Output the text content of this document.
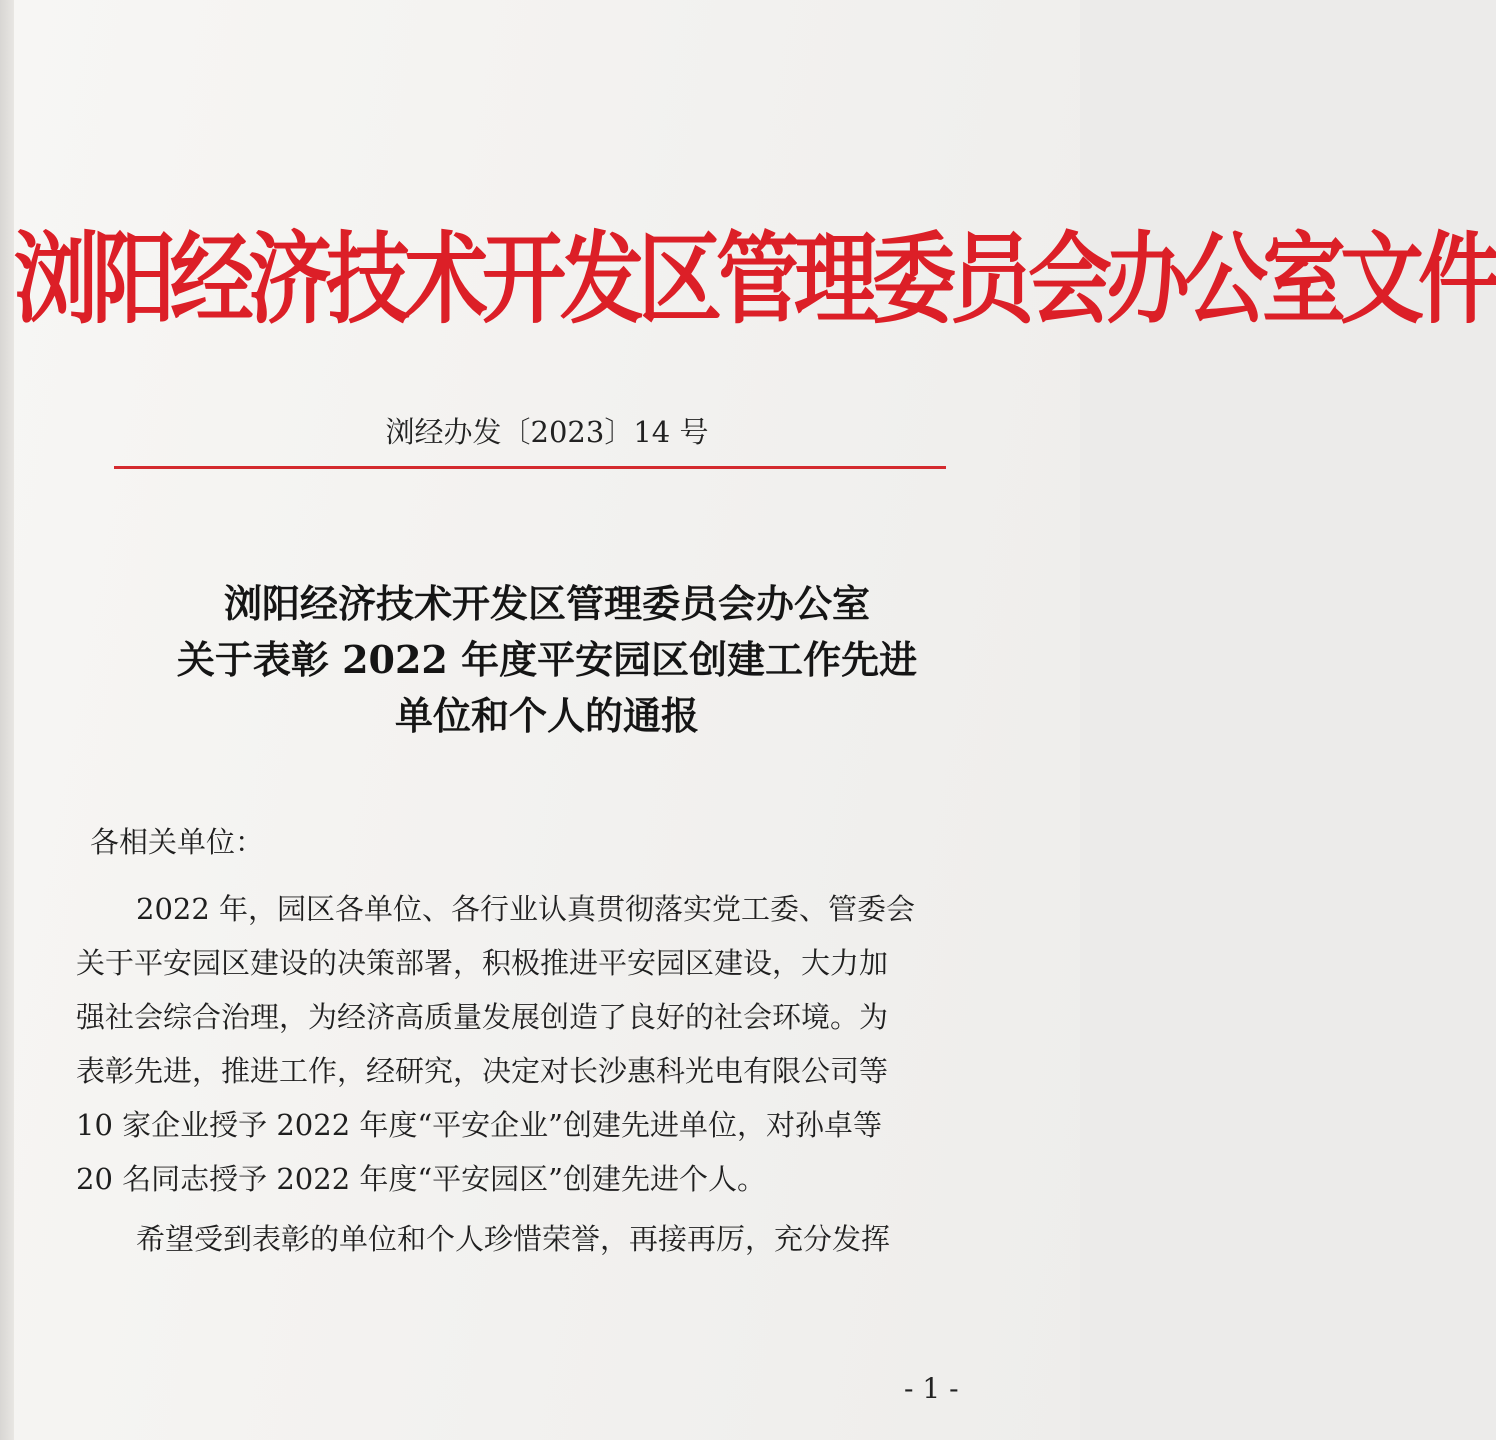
浏阳经济技术开发区管理委员会办公室文件
浏经办发〔2023〕14 号
浏阳经济技术开发区管理委员会办公室
关于表彰 2022 年度平安园区创建工作先进
单位和个人的通报
各相关单位：
2022 年，园区各单位、各行业认真贯彻落实党工委、管委会
关于平安园区建设的决策部署，积极推进平安园区建设，大力加
强社会综合治理，为经济高质量发展创造了良好的社会环境。为
表彰先进，推进工作，经研究，决定对长沙惠科光电有限公司等
10 家企业授予 2022 年度“平安企业”创建先进单位，对孙卓等
20 名同志授予 2022 年度“平安园区”创建先进个人。
希望受到表彰的单位和个人珍惜荣誉，再接再厉，充分发挥
- 1 -
